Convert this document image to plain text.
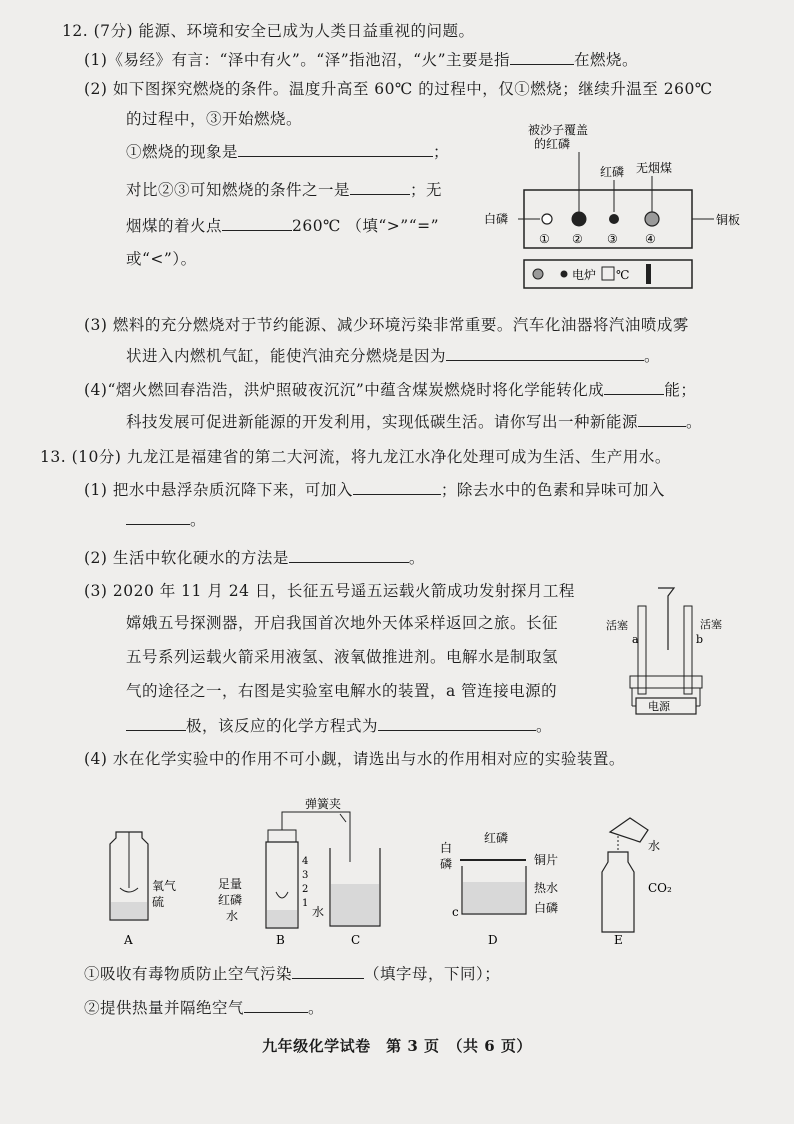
12. (7分) 能源、环境和安全已成为人类日益重视的问题。
(1)《易经》有言：“泽中有火”。“泽”指池沼，“火”主要是指	在燃烧。
(2) 如下图探究燃烧的条件。温度升高至 60℃ 的过程中，仅①燃烧；继续升温至 260℃
的过程中，③开始燃烧。
①燃烧的现象是	；
对比②③可知燃烧的条件之一是	；无
烟煤的着火点	260℃ （填“>”“=”
或“<”）。
被沙子覆盖
的红磷
红磷 无烟煤
白磷	铜板
① ② ③ ④
电炉 ℃
(3) 燃料的充分燃烧对于节约能源、减少环境污染非常重要。汽车化油器将汽油喷成雾
状进入内燃机气缸，能使汽油充分燃烧是因为	。
(4)“熠火燃回春浩浩，洪炉照破夜沉沉”中蕴含煤炭燃烧时将化学能转化成	能；
科技发展可促进新能源的开发利用，实现低碳生活。请你写出一种新能源	。
13. (10分) 九龙江是福建省的第二大河流，将九龙江水净化处理可成为生活、生产用水。
(1) 把水中悬浮杂质沉降下来，可加入	；除去水中的色素和异味可加入
。
(2) 生活中软化硬水的方法是	。
(3) 2020 年 11 月 24 日，长征五号遥五运载火箭成功发射探月工程
嫦娥五号探测器，开启我国首次地外天体采样返回之旅。长征
五号系列运载火箭采用液氢、液氧做推进剂。电解水是制取氢
气的途径之一，右图是实验室电解水的装置，a 管连接电源的
极，该反应的化学方程式为	。
活塞	活塞
a	b
电源
(4) 水在化学实验中的作用不可小觑，请选出与水的作用相对应的实验装置。
氧气
硫
A
弹簧夹
4
3
2
1
足量
红磷
水
B
水
C
白
磷
红磷
铜片
热水
白磷
c
D
水
CO₂
E
①吸收有毒物质防止空气污染	（填字母，下同）；
②提供热量并隔绝空气	。
九年级化学试卷　第 3 页　（共 6 页）
